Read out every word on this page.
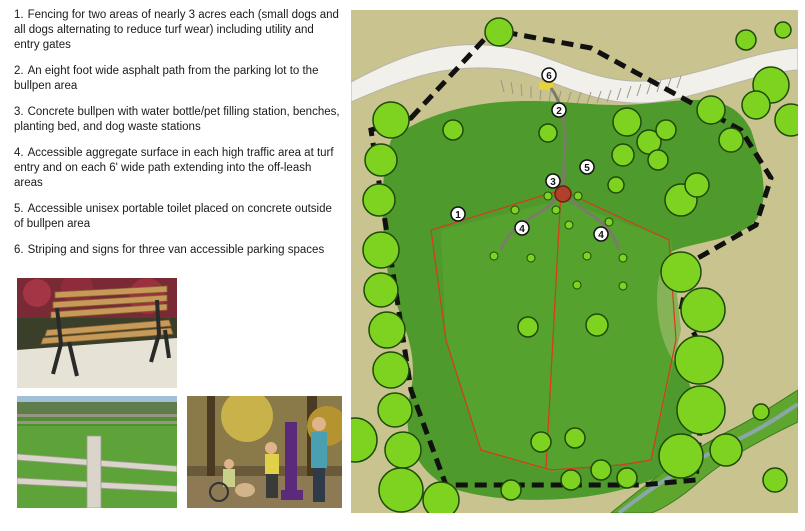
1. Fencing for two areas of nearly 3 acres each (small dogs and all dogs alternating to reduce turf wear) including utility and entry gates
2. An eight foot wide asphalt path from the parking lot to the bullpen area
3. Concrete bullpen with water bottle/pet filling station, benches, planting bed, and dog waste stations
4. Accessible aggregate surface in each high traffic area at turf entry and on each 6' wide path extending into the off-leash areas
5. Accessible unisex portable toilet placed on concrete outside of bullpen area
6. Striping and signs for three van accessible parking spaces
6
2
5
3
1
4
4
